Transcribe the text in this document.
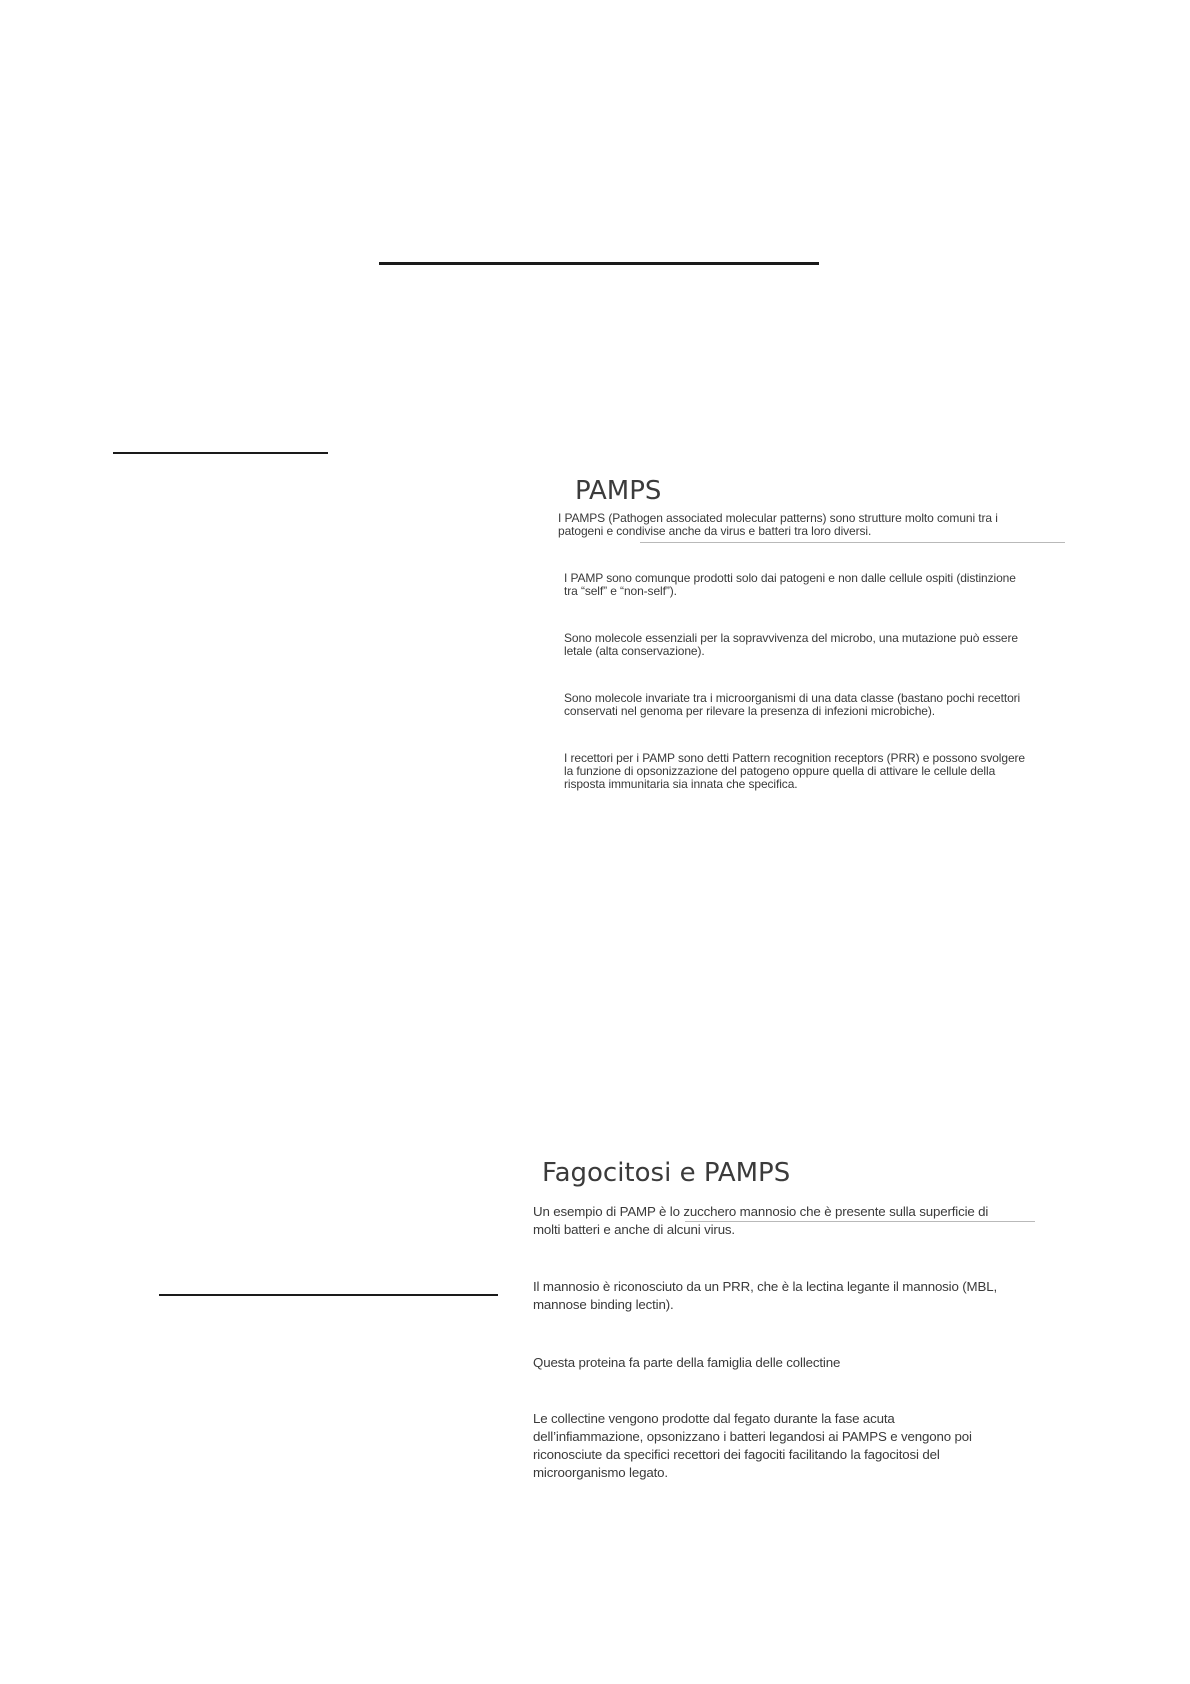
PAMPS

I PAMPS (Pathogen associated molecular patterns) sono strutture molto comuni tra i
patogeni e condivise anche da virus e batteri tra loro diversi.

I PAMP sono comunque prodotti solo dai patogeni e non dalle cellule ospiti (distinzione
tra “self” e “non-self”).

Sono molecole essenziali per la sopravvivenza del microbo, una mutazione può essere
letale (alta conservazione).

Sono molecole invariate tra i microorganismi di una data classe (bastano pochi recettori
conservati nel genoma per rilevare la presenza di infezioni microbiche).

I recettori per i PAMP sono detti Pattern recognition receptors (PRR) e possono svolgere
la funzione di opsonizzazione del patogeno oppure quella di attivare le cellule della
risposta immunitaria sia innata che specifica.

Fagocitosi e PAMPS

Un esempio di PAMP è lo zucchero mannosio che è presente sulla superficie di
molti batteri e anche di alcuni virus.

Il mannosio è riconosciuto da un PRR, che è la lectina legante il mannosio (MBL,
mannose binding lectin).

Questa proteina fa parte della famiglia delle collectine

Le collectine vengono prodotte dal fegato durante la fase acuta
dell’infiammazione, opsonizzano i batteri legandosi ai PAMPS e vengono poi
riconosciute da specifici recettori dei fagociti facilitando la fagocitosi del
microorganismo legato.
